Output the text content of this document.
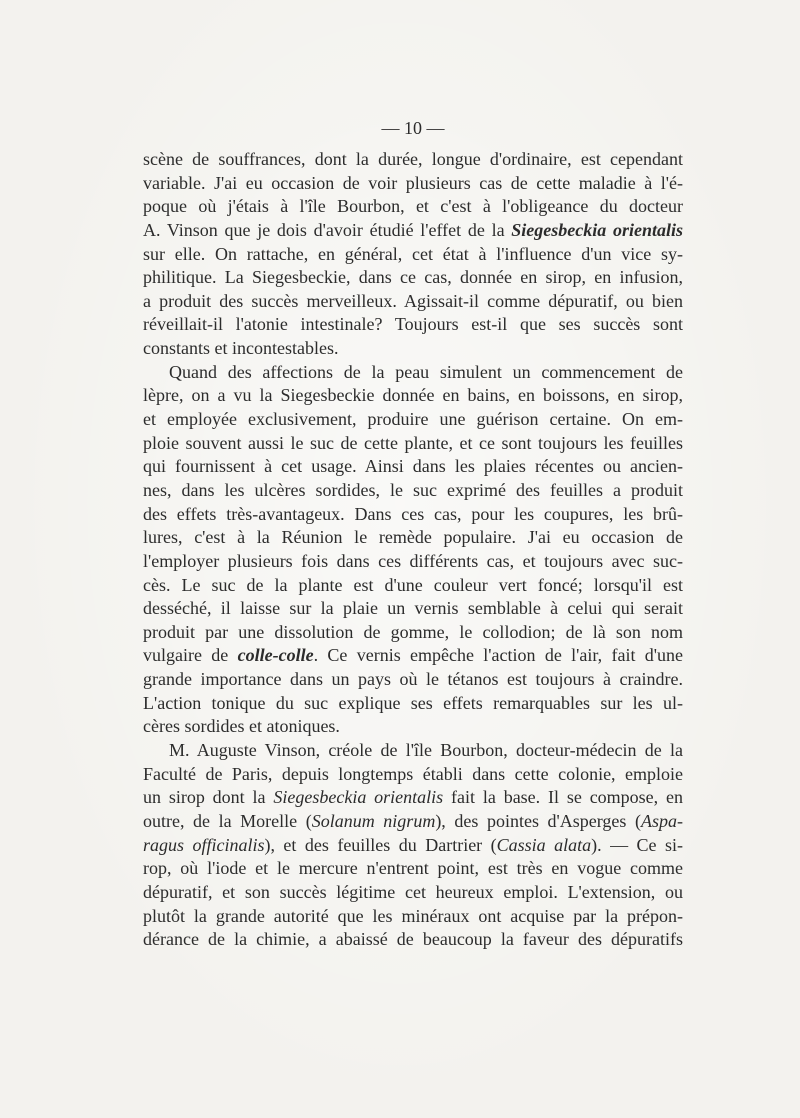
— 10 —
scène de souffrances, dont la durée, longue d'ordinaire, est cependant
variable. J'ai eu occasion de voir plusieurs cas de cette maladie à l'é-
poque où j'étais à l'île Bourbon, et c'est à l'obligeance du docteur
A. Vinson que je dois d'avoir étudié l'effet de la Siegesbeckia orientalis
sur elle. On rattache, en général, cet état à l'influence d'un vice sy-
philitique. La Siegesbeckie, dans ce cas, donnée en sirop, en infusion,
a produit des succès merveilleux. Agissait-il comme dépuratif, ou bien
réveillait-il l'atonie intestinale? Toujours est-il que ses succès sont
constants et incontestables.
Quand des affections de la peau simulent un commencement de
lèpre, on a vu la Siegesbeckie donnée en bains, en boissons, en sirop,
et employée exclusivement, produire une guérison certaine. On em-
ploie souvent aussi le suc de cette plante, et ce sont toujours les feuilles
qui fournissent à cet usage. Ainsi dans les plaies récentes ou ancien-
nes, dans les ulcères sordides, le suc exprimé des feuilles a produit
des effets très-avantageux. Dans ces cas, pour les coupures, les brû-
lures, c'est à la Réunion le remède populaire. J'ai eu occasion de
l'employer plusieurs fois dans ces différents cas, et toujours avec suc-
cès. Le suc de la plante est d'une couleur vert foncé; lorsqu'il est
desséché, il laisse sur la plaie un vernis semblable à celui qui serait
produit par une dissolution de gomme, le collodion; de là son nom
vulgaire de colle-colle. Ce vernis empêche l'action de l'air, fait d'une
grande importance dans un pays où le tétanos est toujours à craindre.
L'action tonique du suc explique ses effets remarquables sur les ul-
cères sordides et atoniques.
M. Auguste Vinson, créole de l'île Bourbon, docteur-médecin de la
Faculté de Paris, depuis longtemps établi dans cette colonie, emploie
un sirop dont la Siegesbeckia orientalis fait la base. Il se compose, en
outre, de la Morelle (Solanum nigrum), des pointes d'Asperges (Aspa-
ragus officinalis), et des feuilles du Dartrier (Cassia alata). — Ce si-
rop, où l'iode et le mercure n'entrent point, est très en vogue comme
dépuratif, et son succès légitime cet heureux emploi. L'extension, ou
plutôt la grande autorité que les minéraux ont acquise par la prépon-
dérance de la chimie, a abaissé de beaucoup la faveur des dépuratifs
